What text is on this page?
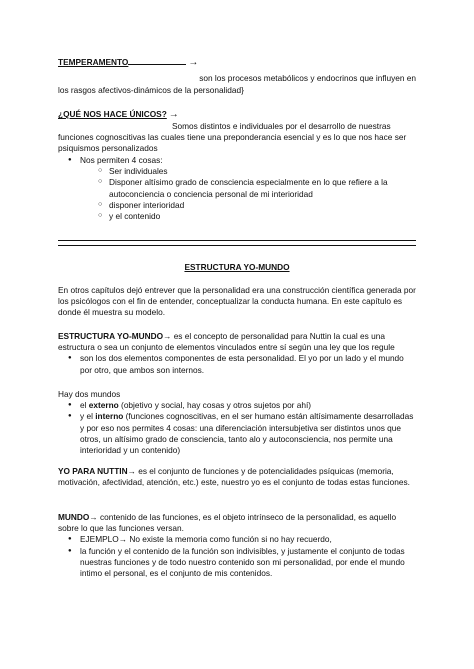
TEMPERAMENTO	→
son los procesos metabólicos y endocrinos que influyen en
los rasgos afectivos-dinámicos de la personalidad}
¿QUÉ NOS HACE ÚNICOS? →
Somos distintos e individuales por el desarrollo de nuestras funciones cognoscitivas las cuales tiene una preponderancia esencial y es lo que nos hace ser psiquismos personalizados
● Nos permiten 4 cosas:
○ Ser individuales
○ Disponer altísimo grado de consciencia especialmente en lo que refiere a la autoconciencia o conciencia personal de mi interioridad
○ disponer interioridad
○ y el contenido
ESTRUCTURA YO-MUNDO
En otros capítulos dejó entrever que la personalidad era una construcción científica generada por los psicólogos con el fin de entender, conceptualizar la conducta humana. En este capítulo es donde él muestra su modelo.
ESTRUCTURA YO-MUNDO→ es el concepto de personalidad para Nuttin la cual es una estructura o sea un conjunto de elementos vinculados entre sí según una ley que los regule
● son los dos elementos componentes de esta personalidad. El yo por un lado y el mundo por otro, que ambos son internos.
Hay dos mundos
● el externo (objetivo y social, hay cosas y otros sujetos por ahí)
● y el interno (funciones cognoscitivas, en el ser humano están altísimamente desarrolladas y por eso nos permites 4 cosas: una diferenciación intersubjetiva ser distintos unos que otros, un altísimo grado de consciencia, tanto alo y autoconsciencia, nos permite una interioridad y un contenido)
YO PARA NUTTIN→ es el conjunto de funciones y de potencialidades psíquicas (memoria, motivación, afectividad, atención, etc.) este, nuestro yo es el conjunto de todas estas funciones.
MUNDO→ contenido de las funciones, es el objeto intrínseco de la personalidad, es aquello sobre lo que las funciones versan.
● EJEMPLO→ No existe la memoria como función si no hay recuerdo,
● la función y el contenido de la función son indivisibles, y justamente el conjunto de todas nuestras funciones y de todo nuestro contenido son mi personalidad, por ende el mundo intimo el personal, es el conjunto de mis contenidos.
